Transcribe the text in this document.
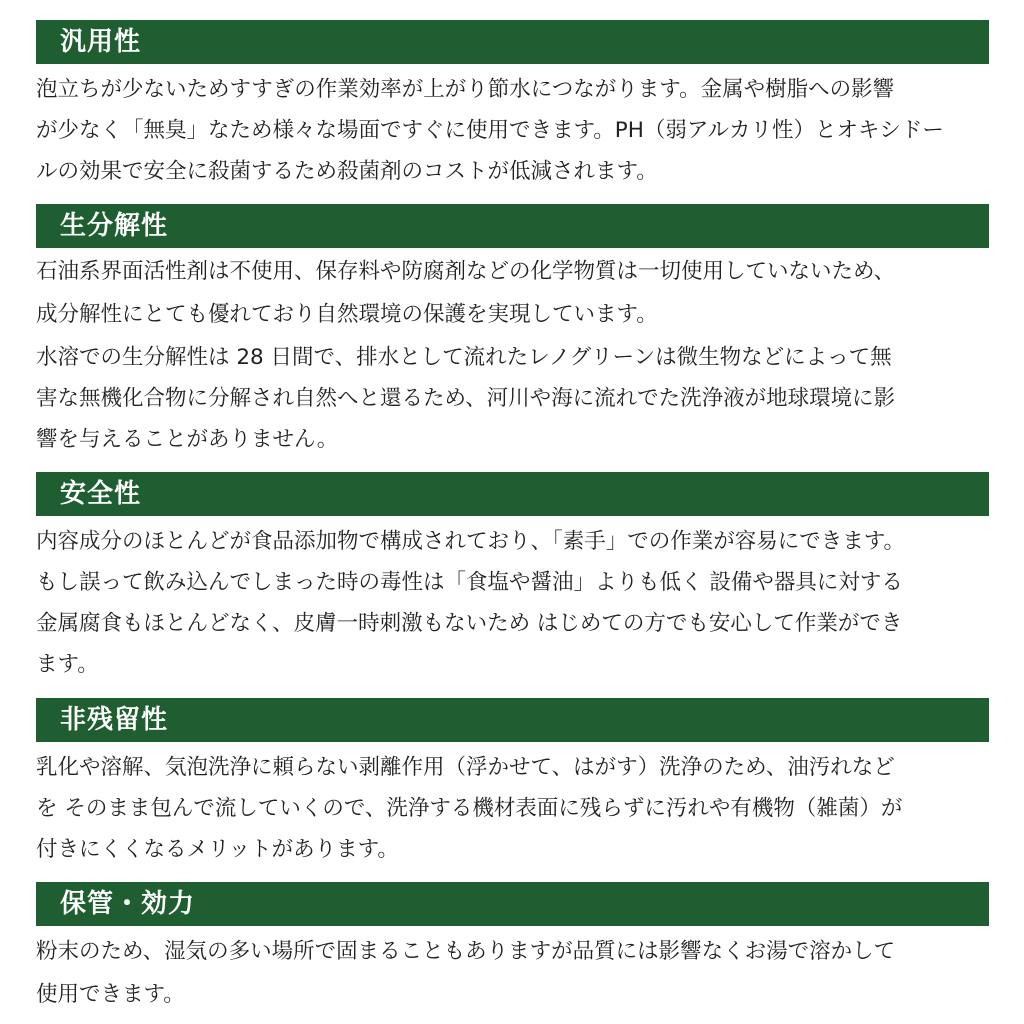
汎用性
泡立ちが少ないためすすぎの作業効率が上がり節水につながります。金属や樹脂への影響
が少なく「無臭」なため様々な場面ですぐに使用できます。PH（弱アルカリ性）とオキシドー
ルの効果で安全に殺菌するため殺菌剤のコストが低減されます。
生分解性
石油系界面活性剤は不使用、保存料や防腐剤などの化学物質は一切使用していないため、
成分解性にとても優れており自然環境の保護を実現しています。
水溶での生分解性は 28 日間で、排水として流れたレノグリーンは微生物などによって無
害な無機化合物に分解され自然へと還るため、河川や海に流れでた洗浄液が地球環境に影
響を与えることがありません。
安全性
内容成分のほとんどが食品添加物で構成されており、「素手」での作業が容易にできます。
もし誤って飲み込んでしまった時の毒性は「食塩や醤油」よりも低く 設備や器具に対する
金属腐食もほとんどなく、皮膚一時刺激もないため はじめての方でも安心して作業ができ
ます。
非残留性
乳化や溶解、気泡洗浄に頼らない剥離作用（浮かせて、はがす）洗浄のため、油汚れなど
を そのまま包んで流していくので、洗浄する機材表面に残らずに汚れや有機物（雑菌）が
付きにくくなるメリットがあります。
保管・効力
粉末のため、湿気の多い場所で固まることもありますが品質には影響なくお湯で溶かして
使用できます。
